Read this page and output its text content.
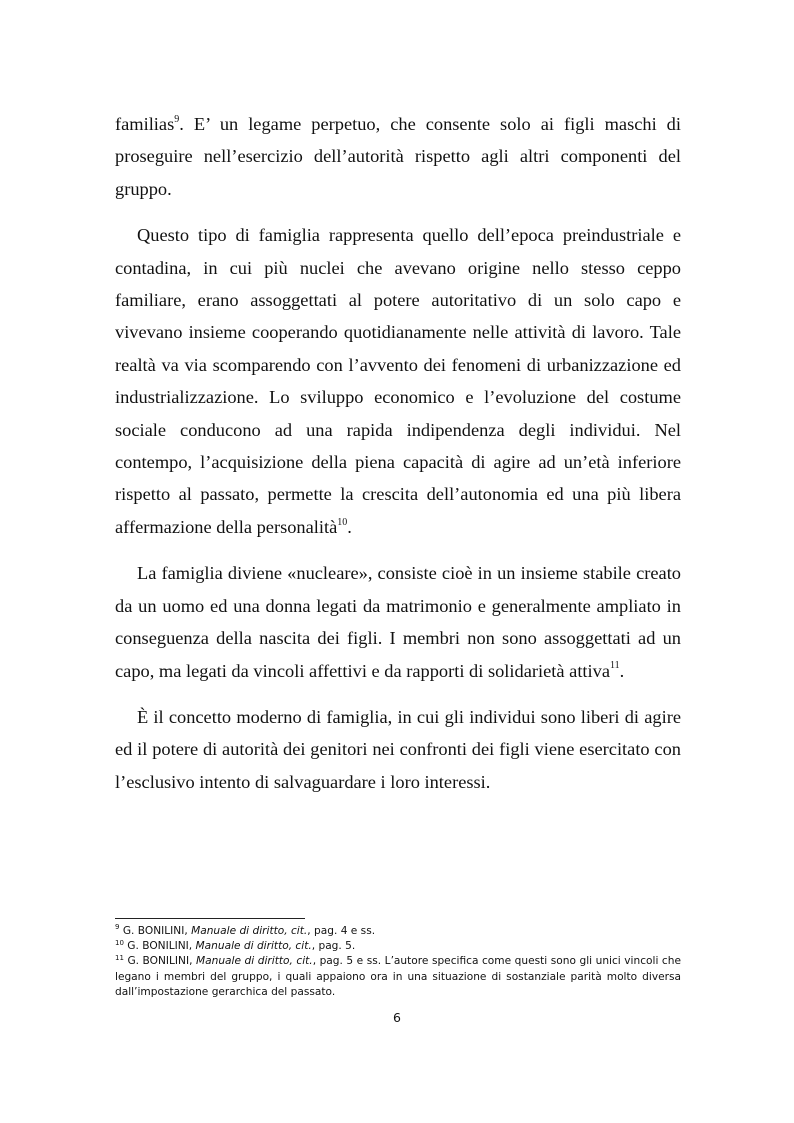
familias$^9$. E’ un legame perpetuo, che consente solo ai figli maschi di proseguire nell’esercizio dell’autorità rispetto agli altri componenti del gruppo.

Questo tipo di famiglia rappresenta quello dell’epoca preindustriale e contadina, in cui più nuclei che avevano origine nello stesso ceppo familiare, erano assoggettati al potere autoritativo di un solo capo e vivevano insieme cooperando quotidianamente nelle attività di lavoro. Tale realtà va via scomparendo con l’avvento dei fenomeni di urbanizzazione ed industrializzazione. Lo sviluppo economico e l’evoluzione del costume sociale conducono ad una rapida indipendenza degli individui. Nel contempo, l’acquisizione della piena capacità di agire ad un’età inferiore rispetto al passato, permette la crescita dell’autonomia ed una più libera affermazione della personalità$^{10}$.

La famiglia diviene «nucleare», consiste cioè in un insieme stabile creato da un uomo ed una donna legati da matrimonio e generalmente ampliato in conseguenza della nascita dei figli. I membri non sono assoggettati ad un capo, ma legati da vincoli affettivi e da rapporti di solidarietà attiva$^{11}$.

È il concetto moderno di famiglia, in cui gli individui sono liberi di agire ed il potere di autorità dei genitori nei confronti dei figli viene esercitato con l’esclusivo intento di salvaguardare i loro interessi.

$^9$ G. BONILINI, Manuale di diritto, cit., pag. 4 e ss.

$^{10}$ G. BONILINI, Manuale di diritto, cit., pag. 5.

$^{11}$ G. BONILINI, Manuale di diritto, cit., pag. 5 e ss. L’autore specifica come questi sono gli unici vincoli che legano i membri del gruppo, i quali appaiono ora in una situazione di sostanziale parità molto diversa dall’impostazione gerarchica del passato.

6
